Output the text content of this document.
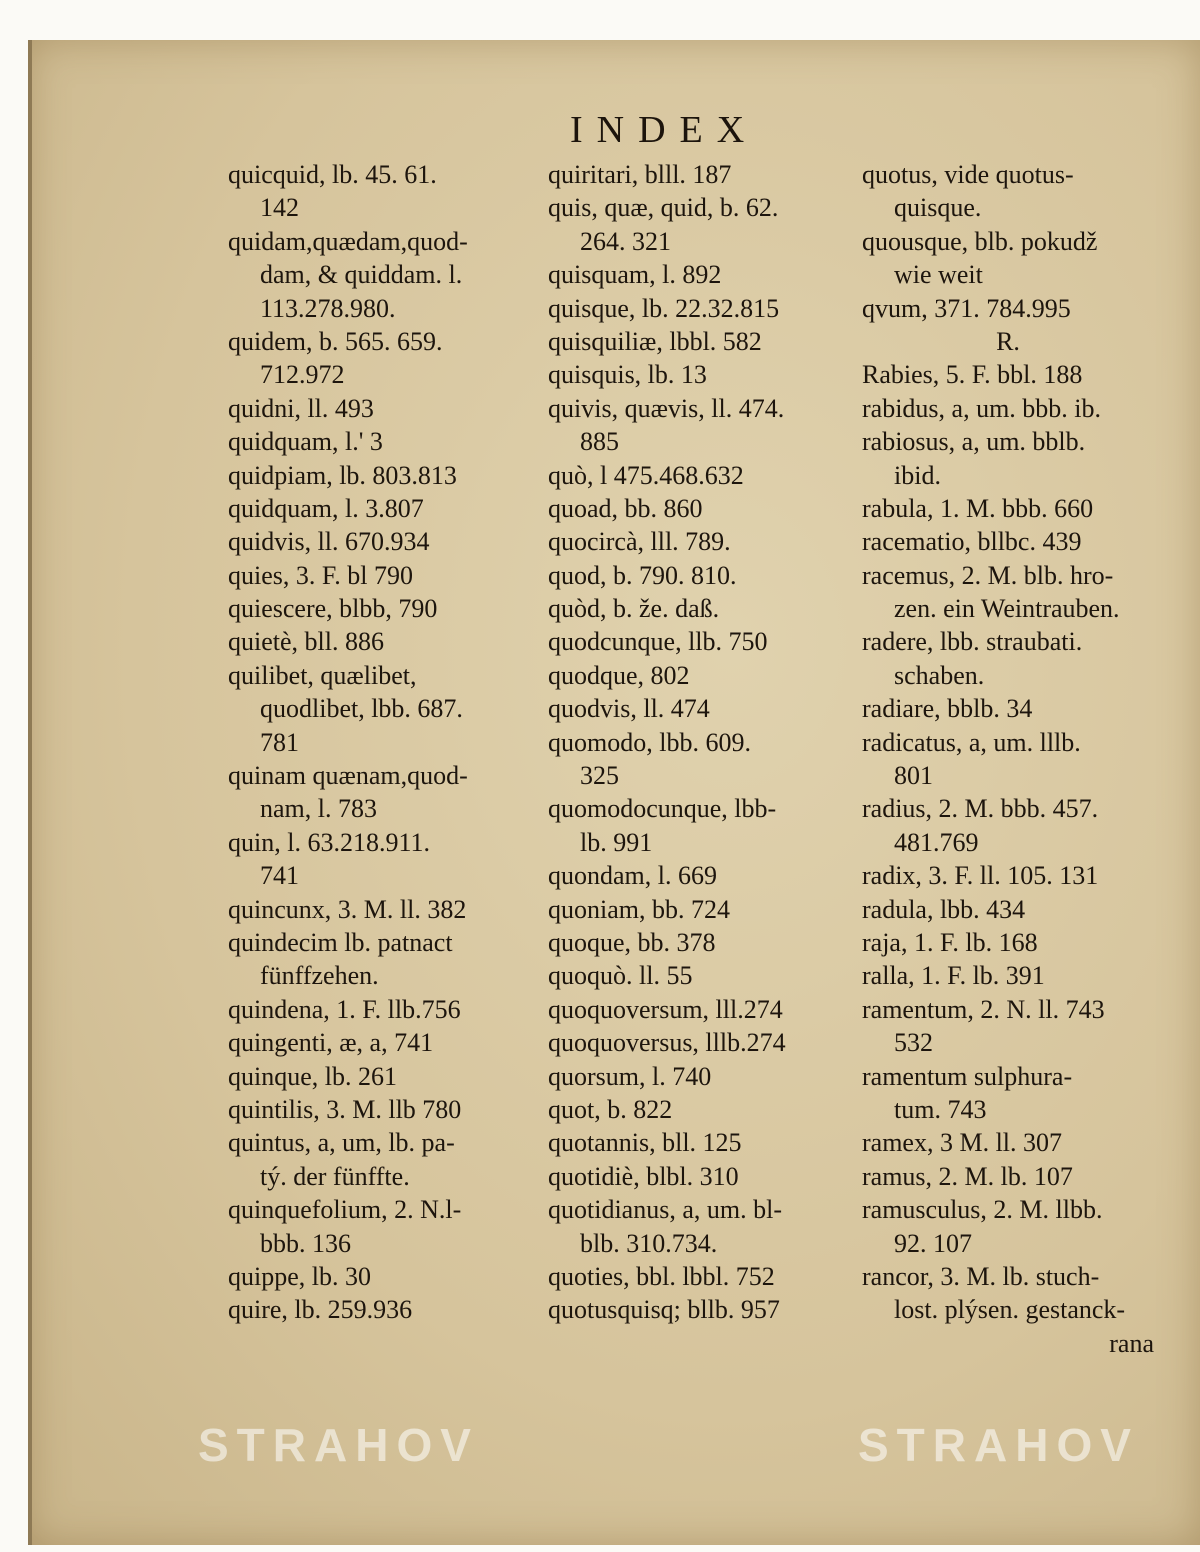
INDEX
quicquid, lb. 45. 61.
142
quidam,quædam,quod-
dam, & quiddam. l.
113.278.980.
quidem, b. 565. 659.
712.972
quidni, ll. 493
quidquam, l.' 3
quidpiam, lb. 803.813
quidquam, l. 3.807
quidvis, ll. 670.934
quies, 3. F. bl 790
quiescere, blbb, 790
quietè, bll. 886
quilibet, quælibet,
quodlibet, lbb. 687.
781
quinam quænam,quod-
nam, l. 783
quin, l. 63.218.911.
741
quincunx, 3. M. ll. 382
quindecim lb. patnact
fünffzehen.
quindena, 1. F. llb.756
quingenti, æ, a, 741
quinque, lb. 261
quintilis, 3. M. llb 780
quintus, a, um, lb. pa-
tý. der fünffte.
quinquefolium, 2. N.l-
bbb. 136
quippe, lb. 30
quire, lb. 259.936
quiritari, blll. 187
quis, quæ, quid, b. 62.
264. 321
quisquam, l. 892
quisque, lb. 22.32.815
quisquiliæ, lbbl. 582
quisquis, lb. 13
quivis, quævis, ll. 474.
885
quò, l 475.468.632
quoad, bb. 860
quocircà, lll. 789.
quod, b. 790. 810.
quòd, b. že. daß.
quodcunque, llb. 750
quodque, 802
quodvis, ll. 474
quomodo, lbb. 609.
325
quomodocunque, lbb-
lb. 991
quondam, l. 669
quoniam, bb. 724
quoque, bb. 378
quoquò. ll. 55
quoquoversum, lll.274
quoquoversus, lllb.274
quorsum, l. 740
quot, b. 822
quotannis, bll. 125
quotidiè, blbl. 310
quotidianus, a, um. bl-
blb. 310.734.
quoties, bbl. lbbl. 752
quotusquisq; bllb. 957
quotus, vide quotus-
quisque.
quousque, blb. pokudž
wie weit
qvum, 371. 784.995
R.
Rabies, 5. F. bbl. 188
rabidus, a, um. bbb. ib.
rabiosus, a, um. bblb.
ibid.
rabula, 1. M. bbb. 660
racematio, bllbc. 439
racemus, 2. M. blb. hro-
zen. ein Weintrauben.
radere, lbb. straubati.
schaben.
radiare, bblb. 34
radicatus, a, um. lllb.
801
radius, 2. M. bbb. 457.
481.769
radix, 3. F. ll. 105. 131
radula, lbb. 434
raja, 1. F. lb. 168
ralla, 1. F. lb. 391
ramentum, 2. N. ll. 743
532
ramentum sulphura-
tum. 743
ramex, 3 M. ll. 307
ramus, 2. M. lb. 107
ramusculus, 2. M. llbb.
92. 107
rancor, 3. M. lb. stuch-
lost. plýsen. gestanck-
rana
STRAHOV	STRAHOV
